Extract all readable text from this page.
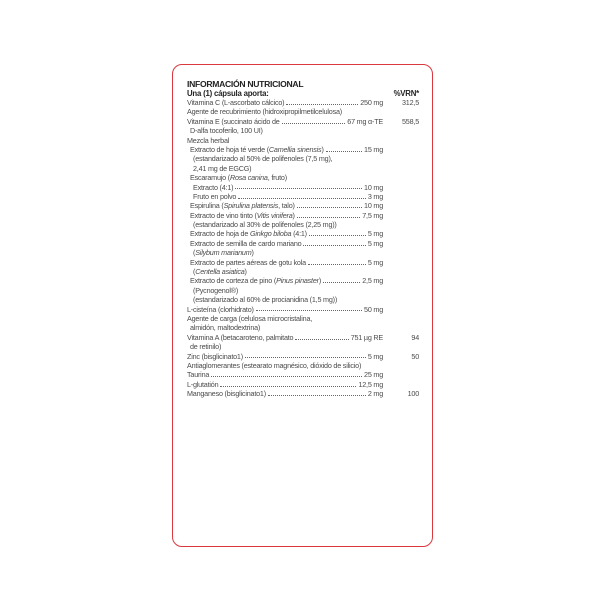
INFORMACIÓN NUTRICIONAL
Una (1) cápsula aporta:	%VRN*
Vitamina C (L-ascorbato cálcico)	250 mg	312,5
Agente de recubrimiento (hidroxipropilmetilcelulosa)
Vitamina E (succinato ácido de	67 mg α-TE	558,5
D-alfa tocoferilo, 100 UI)
Mezcla herbal
Extracto de hoja té verde (Camellia sinensis)	15 mg
(estandarizado al 50% de polifenoles (7,5 mg),
2,41 mg de EGCG)
Escaramujo (Rosa canina, fruto)
Extracto (4:1)	10 mg
Fruto en polvo	3 mg
Espirulina (Spirulina platensis, talo)	10 mg
Extracto de vino tinto (Vitis vinifera)	7,5 mg
(estandarizado al 30% de polifenoles (2,25 mg))
Extracto de hoja de Ginkgo biloba (4:1)	5 mg
Extracto de semilla de cardo mariano	5 mg
(Silybum marianum)
Extracto de partes aéreas de gotu kola	5 mg
(Centella asiatica)
Extracto de corteza de pino (Pinus pinaster)	2,5 mg
(Pycnogenol®)
(estandarizado al 60% de procianidina (1,5 mg))
L-cisteína (clorhidrato)	50 mg
Agente de carga (celulosa microcristalina,
almidón, maltodextrina)
Vitamina A (betacaroteno, palmitato	751 µg RE	94
de retinilo)
Zinc (bisglicinato1)	5 mg	50
Antiaglomerantes (estearato magnésico, dióxido de silicio)
Taurina	25 mg
L-glutatión	12,5 mg
Manganeso (bisglicinato1)	2 mg	100
